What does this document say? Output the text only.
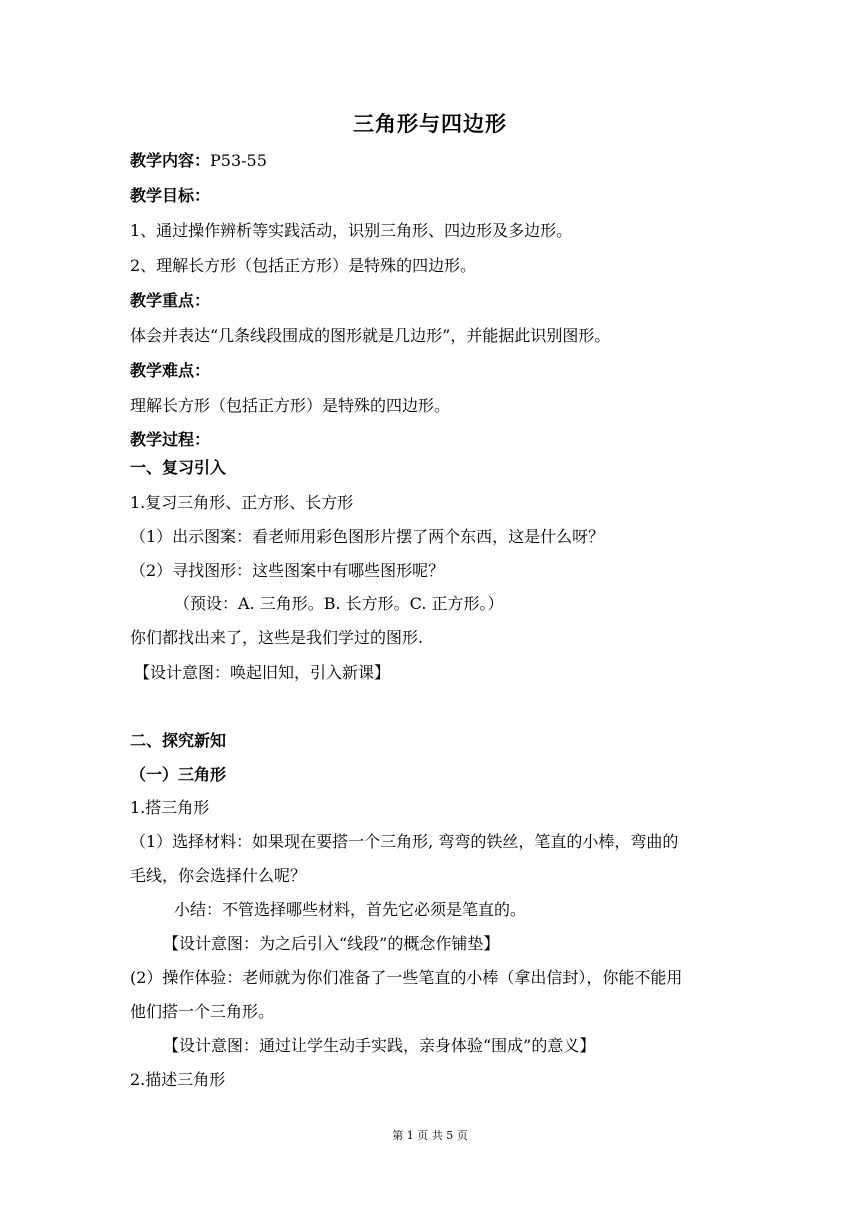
三角形与四边形
教学内容：P53-55
教学目标：
1、通过操作辨析等实践活动，识别三角形、四边形及多边形。
2、理解长方形（包括正方形）是特殊的四边形。
教学重点：
体会并表达“几条线段围成的图形就是几边形”，并能据此识别图形。
教学难点：
理解长方形（包括正方形）是特殊的四边形。
教学过程：
一、复习引入
1.复习三角形、正方形、长方形
（1）出示图案：看老师用彩色图形片摆了两个东西，这是什么呀？
（2）寻找图形：这些图案中有哪些图形呢？
（预设：A. 三角形。B. 长方形。C. 正方形。）
你们都找出来了，这些是我们学过的图形.
【设计意图：唤起旧知，引入新课】
二、探究新知
（一）三角形
1.搭三角形
（1）选择材料：如果现在要搭一个三角形, 弯弯的铁丝，笔直的小棒，弯曲的
毛线，你会选择什么呢？
小结：不管选择哪些材料，首先它必须是笔直的。
【设计意图：为之后引入“线段”的概念作铺垫】
(2）操作体验：老师就为你们准备了一些笔直的小棒（拿出信封），你能不能用
他们搭一个三角形。
【设计意图：通过让学生动手实践，亲身体验“围成”的意义】
2.描述三角形
第 1 页 共 5 页
